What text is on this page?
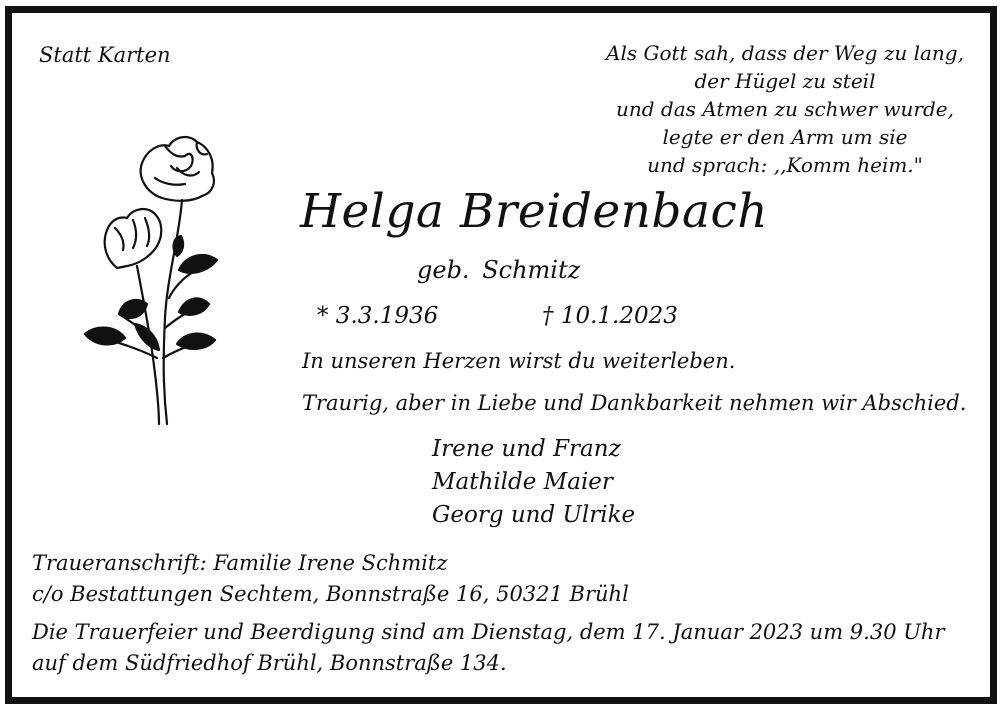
Statt Karten	Als Gott sah, dass der Weg zu lang,
der Hügel zu steil
und das Atmen zu schwer wurde,
legte er den Arm um sie
und sprach: ,,Komm heim."
Helga Breidenbach
geb. Schmitz
* 3.3.1936	† 10.1.2023
In unseren Herzen wirst du weiterleben.
Traurig, aber in Liebe und Dankbarkeit nehmen wir Abschied.
Irene und Franz
Mathilde Maier
Georg und Ulrike
Traueranschrift: Familie Irene Schmitz
c/o Bestattungen Sechtem, Bonnstraße 16, 50321 Brühl
Die Trauerfeier und Beerdigung sind am Dienstag, dem 17. Januar 2023 um 9.30 Uhr
auf dem Südfriedhof Brühl, Bonnstraße 134.
